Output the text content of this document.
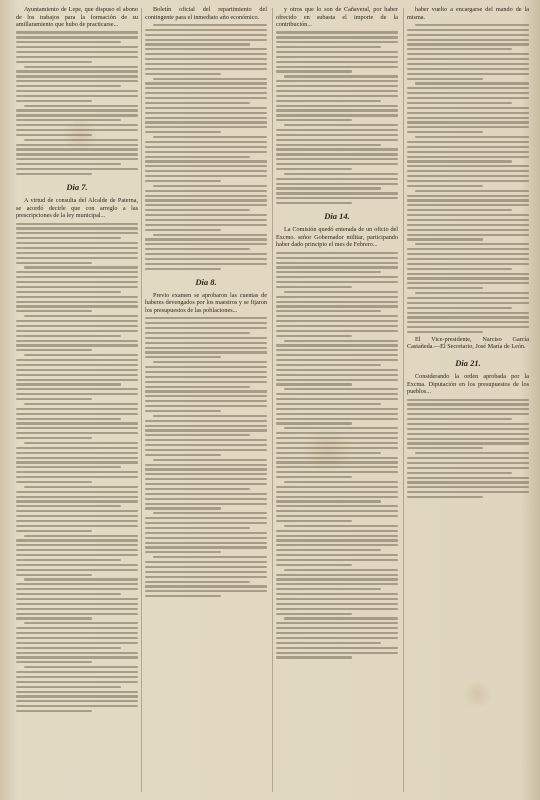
Ayuntamiento de Lepe, que dispuso el abono de los trabajos para la formación de su amillaramiento que hubo de practicarse...
Dia 7.
A virtud de consulta del Alcalde de Paterna, se acordó decirle que con arreglo a las prescripciones de la ley municipal...
Boletín oficial del repartimiento del contingente para el inmediato año económico.
Dia 8.
Previo examen se aprobaron las cuentas de haberes devengados por los maestros y se fijaron los presupuestos de las poblaciones...
y otros que lo son de Cañaveral, por haber ofrecido en subasta el importe de la contribución...
Dia 14.
La Comisión quedó enterada de un oficio del Excmo. señor Gobernador militar, participando haber dado principio el mes de Febrero...
haber vuelto a encargarse del mando de la misma.
El Vice-presidente, Narciso García Castañeda.—El Secretario, José María de León.
Dia 21.
Considerando la orden aprobada por la Excma. Diputación en los presupuestos de los pueblos...
